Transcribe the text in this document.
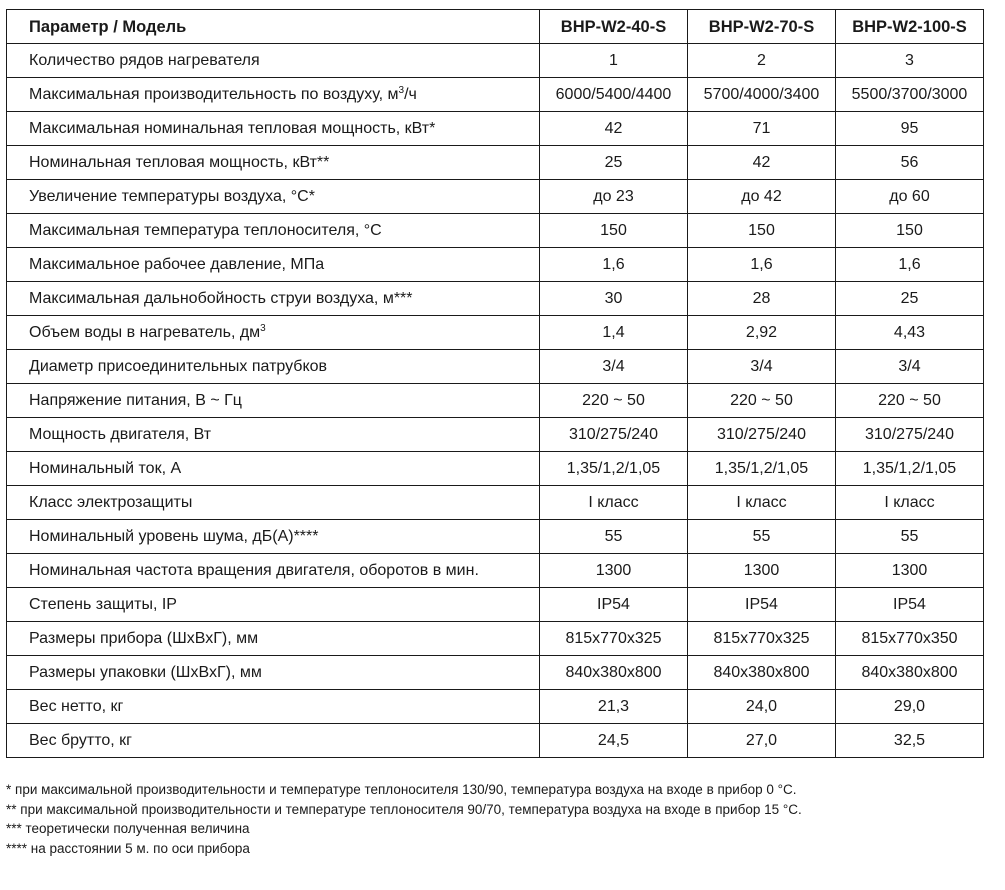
Параметр / Модель	BHP-W2-40-S	BHP-W2-70-S	BHP-W2-100-S
Количество рядов нагревателя	1	2	3
Максимальная производительность по воздуху, $м^3/ч$	6000/5400/4400	5700/4000/3400	5500/3700/3000
Максимальная номинальная тепловая мощность, кВт*	42	71	95
Номинальная тепловая мощность, кВт**	25	42	56
Увеличение температуры воздуха, °С*	до 23	до 42	до 60
Максимальная температура теплоносителя, °С	150	150	150
Максимальное рабочее давление, МПа	1,6	1,6	1,6
Максимальная дальнобойность струи воздуха, м***	30	28	25
Объем воды в нагреватель, $дм^3$	1,4	2,92	4,43
Диаметр присоединительных патрубков	3/4	3/4	3/4
Напряжение питания, В ~ Гц	220 ~ 50	220 ~ 50	220 ~ 50
Мощность двигателя, Вт	310/275/240	310/275/240	310/275/240
Номинальный ток, А	1,35/1,2/1,05	1,35/1,2/1,05	1,35/1,2/1,05
Класс электрозащиты	I класс	I класс	I класс
Номинальный уровень шума, дБ(А)****	55	55	55
Номинальная частота вращения двигателя, оборотов в мин.	1300	1300	1300
Степень защиты, IP	IP54	IP54	IP54
Размеры прибора (ШхВхГ), мм	815x770x325	815x770x325	815x770x350
Размеры упаковки (ШхВхГ), мм	840x380x800	840x380x800	840x380x800
Вес нетто, кг	21,3	24,0	29,0
Вес брутто, кг	24,5	27,0	32,5
* при максимальной производительности и температуре теплоносителя 130/90, температура воздуха на входе в прибор 0 °С.
** при максимальной производительности и температуре теплоносителя 90/70, температура воздуха на входе в прибор 15 °С.
*** теоретически полученная величина
**** на расстоянии 5 м. по оси прибора
